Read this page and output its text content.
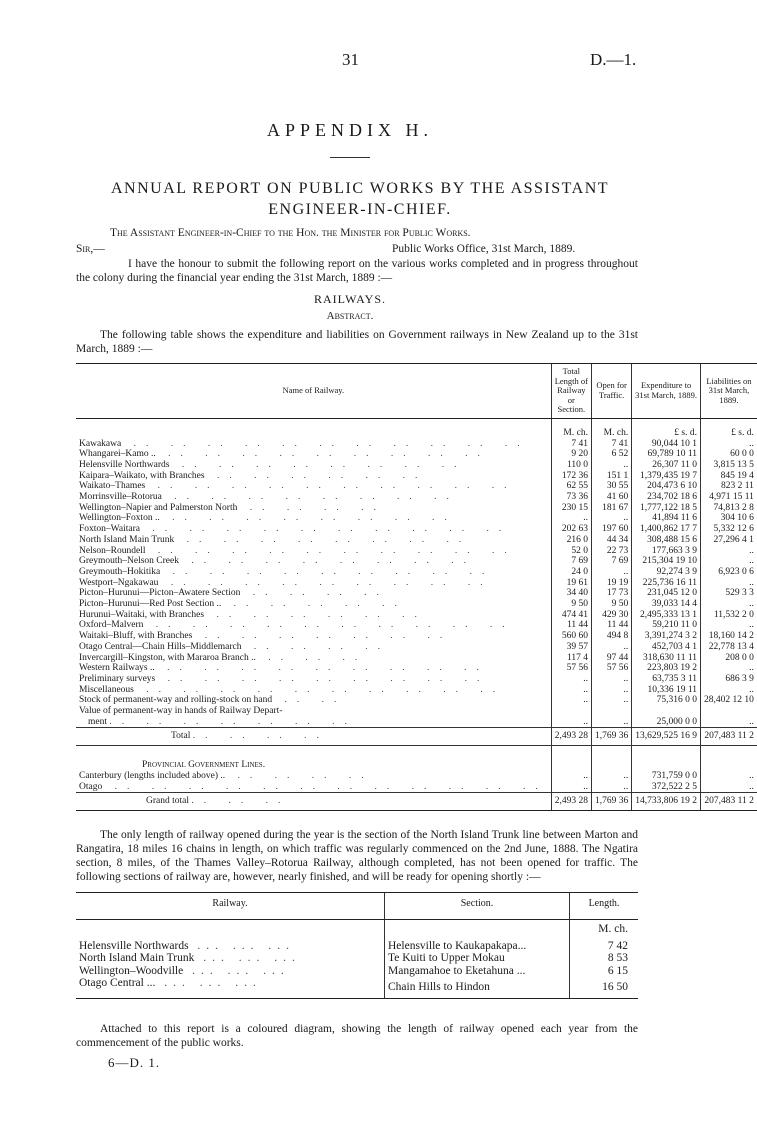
31	D.—1.
APPENDIX H.
ANNUAL REPORT ON PUBLIC WORKS BY THE ASSISTANT ENGINEER-IN-CHIEF.
The Assistant Engineer-in-Chief to the Hon. the Minister for Public Works.
Sir,—	Public Works Office, 31st March, 1889.
I have the honour to submit the following report on the various works completed and in progress throughout the colony during the financial year ending the 31st March, 1889 :—
RAILWAYS.
Abstract.
The following table shows the expenditure and liabilities on Government railways in New Zealand up to the 31st March, 1889 :—
Name of Railway.	Total Length of Railway or Section.	Open for Traffic.	Expenditure to 31st March, 1889.	Liabilities on 31st March, 1889.
	M. ch.	M. ch.	£ s. d.	£ s. d.
Kawakawa .. .. .. .. .. .. .. .. .. .. ..	7 41	7 41	90,044 10 1	..
Whangarei–Kamo .. .. .. .. .. .. .. .. .. ..	9 20	6 52	69,789 10 11	60 0 0
Helensville Northwards .. .. .. .. .. .. .. ..	110 0	..	26,307 11 0	3,815 13 5
Kaipara–Waikato, with Branches .. .. .. .. .. ..	172 36	151 1	1,379,435 19 7	845 19 4
Waikato–Thames .. .. .. .. .. .. .. .. .. ..	62 55	30 55	204,473 6 10	823 2 11
Morrinsville–Rotorua .. .. .. .. .. .. .. ..	73 36	41 60	234,702 18 6	4,971 15 11
Wellington–Napier and Palmerston North .. .. .. ..	230 15	181 67	1,777,122 18 5	74,813 2 8
Wellington–Foxton .. .. .. .. .. .. .. .. ..	..	..	41,894 11 6	304 10 6
Foxton–Waitara .. .. .. .. .. .. .. .. .. ..	202 63	197 60	1,400,862 17 7	5,332 12 6
North Island Main Trunk .. .. .. .. .. .. .. ..	216 0	44 34	308,488 15 6	27,296 4 1
Nelson–Roundell .. .. .. .. .. .. .. .. .. ..	52 0	22 73	177,663 3 9	..
Greymouth–Nelson Creek .. .. .. .. .. .. .. ..	7 69	7 69	215,304 19 10	..
Greymouth–Hokitika .. .. .. .. .. .. .. .. ..	24 0	..	92,274 3 9	6,923 0 6
Westport–Ngakawau .. .. .. .. .. .. .. .. ..	19 61	19 19	225,736 16 11	..
Picton–Hurunui—Picton–Awatere Section .. .. .. ..	34 40	17 73	231,045 12 0	529 3 3
Picton–Hurunui—Red Post Section .. .. .. .. .. ..	9 50	9 50	39,033 14 4	..
Hurunui–Waitaki, with Branches .. .. .. .. .. ..	474 41	429 30	2,495,333 13 1	11,532 2 0
Oxford–Malvern .. .. .. .. .. .. .. .. .. ..	11 44	11 44	59,210 11 0	..
Waitaki–Bluff, with Branches .. .. .. .. .. .. ..	560 60	494 8	3,391,274 3 2	18,160 14 2
Otago Central—Chain Hills–Middlemarch .. .. .. ..	39 57	..	452,703 4 1	22,778 13 4
Invercargill–Kingston, with Mararoa Branch .. .. .. ..	117 4	97 44	318,630 11 11	208 0 0
Western Railways .. .. .. .. .. .. .. .. .. ..	57 56	57 56	223,803 19 2	..
Preliminary surveys .. .. .. .. .. .. .. .. ..	..	..	63,735 3 11	686 3 9
Miscellaneous .. .. .. .. .. .. .. .. .. ..	..	..	10,336 19 11	..
Stock of permanent-way and rolling-stock on hand .. ..	..	..	75,316 0 0	28,402 12 10
Value of permanent-way in hands of Railway Depart-				
ment .. .. .. .. .. .. ..	..	..	25,000 0 0	..
Total .. .. .. ..	2,493 28	1,769 36	13,629,525 16 9	207,483 11 2

Provincial Government Lines.				
Canterbury (lengths included above) .. .. .. .. ..	..	..	731,759 0 0	..
Otago .. .. .. .. .. .. .. .. .. .. .. ..	..	..	372,522 2 5	..
Grand total .. .. ..	2,493 28	1,769 36	14,733,806 19 2	207,483 11 2
The only length of railway opened during the year is the section of the North Island Trunk line between Marton and Rangatira, 18 miles 16 chains in length, on which traffic was regularly commenced on the 2nd June, 1888. The Ngatira section, 8 miles, of the Thames Valley–Rotorua Railway, although completed, has not been opened for traffic. The following sections of railway are, however, nearly finished, and will be ready for opening shortly :—
Railway.	Section.	Length.
		M. ch.
Helensville Northwards ... ... ...	Helensville to Kaukapakapa...	7 42
North Island Main Trunk ... ... ...	Te Kuiti to Upper Mokau	8 53
Wellington–Woodville ... ... ...	Mangamahoe to Eketahuna ...	6 15
Otago Central ... ... ... ...	Chain Hills to Hindon	16 50
Attached to this report is a coloured diagram, showing the length of railway opened each year from the commencement of the public works.
6—D. 1.
